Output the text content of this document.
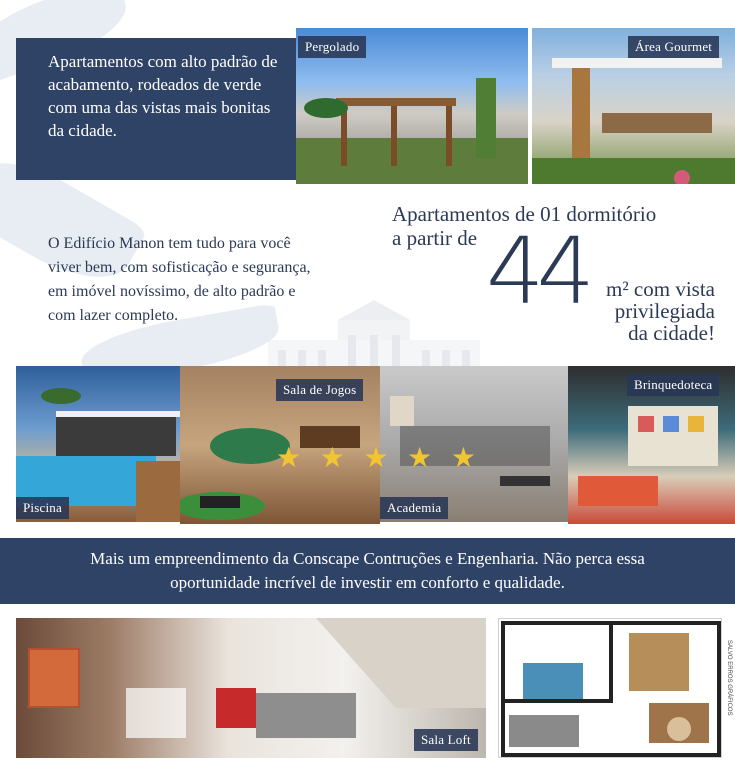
Apartamentos com alto padrão de acabamento, rodeados de verde com uma das vistas mais bonitas da cidade.
Pergolado	Área Gourmet
O Edifício Manon tem tudo para você
viver bem, com sofisticação e segurança,
em imóvel novíssimo, de alto padrão e
com lazer completo.
Apartamentos de 01 dormitório
a partir de 44 m² com vista
privilegiada
da cidade!
Piscina
Sala de Jogos
Academia
Brinquedoteca
★ ★ ★ ★ ★
Mais um empreendimento da Conscape Contruções e Engenharia. Não perca essa
oportunidade incrível de investir em conforto e qualidade.
Sala Loft
SALVO ERROS GRÁFICOS
